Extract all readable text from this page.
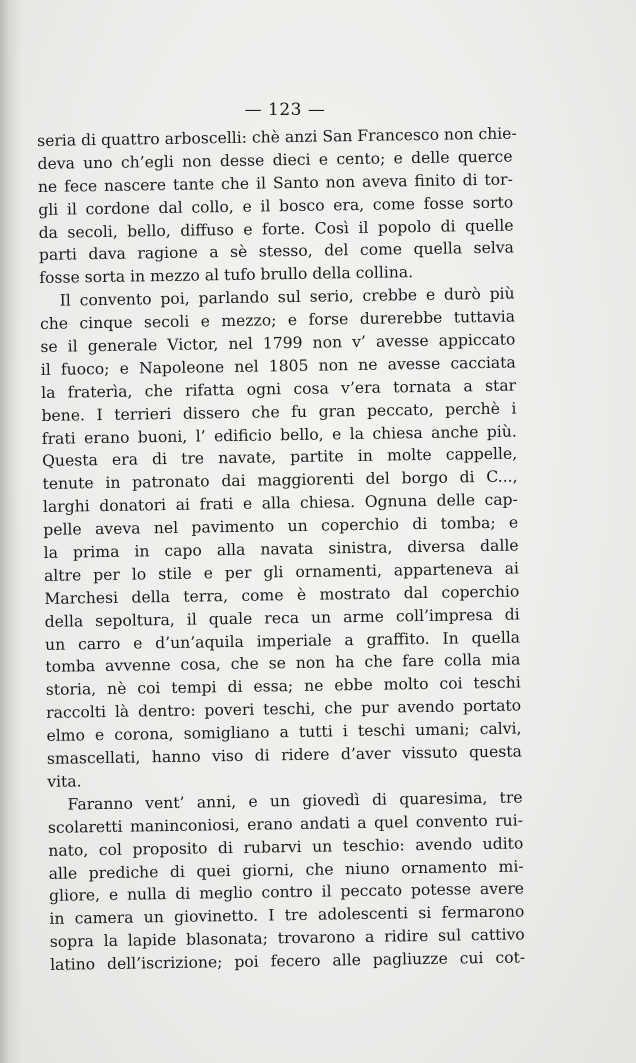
— 123 —
seria di quattro arboscelli: chè anzi San Francesco non chie-
deva uno ch’egli non desse dieci e cento; e delle querce
ne fece nascere tante che il Santo non aveva finito di tor-
gli il cordone dal collo, e il bosco era, come fosse sorto
da secoli, bello, diffuso e forte. Così il popolo di quelle
parti dava ragione a sè stesso, del come quella selva
fosse sorta in mezzo al tufo brullo della collina.
Il convento poi, parlando sul serio, crebbe e durò più
che cinque secoli e mezzo; e forse durerebbe tuttavia
se il generale Victor, nel 1799 non v’ avesse appiccato
il fuoco; e Napoleone nel 1805 non ne avesse cacciata
la fraterìa, che rifatta ogni cosa v’era tornata a star
bene. I terrieri dissero che fu gran peccato, perchè i
frati erano buoni, l’ edificio bello, e la chiesa anche più.
Questa era di tre navate, partite in molte cappelle,
tenute in patronato dai maggiorenti del borgo di C...,
larghi donatori ai frati e alla chiesa. Ognuna delle cap-
pelle aveva nel pavimento un coperchio di tomba; e
la prima in capo alla navata sinistra, diversa dalle
altre per lo stile e per gli ornamenti, apparteneva ai
Marchesi della terra, come è mostrato dal coperchio
della sepoltura, il quale reca un arme coll’impresa di
un carro e d’un’aquila imperiale a graffito. In quella
tomba avvenne cosa, che se non ha che fare colla mia
storia, nè coi tempi di essa; ne ebbe molto coi teschi
raccolti là dentro: poveri teschi, che pur avendo portato
elmo e corona, somigliano a tutti i teschi umani; calvi,
smascellati, hanno viso di ridere d’aver vissuto questa
vita.
Faranno vent’ anni, e un giovedì di quaresima, tre
scolaretti maninconiosi, erano andati a quel convento rui-
nato, col proposito di rubarvi un teschio: avendo udito
alle prediche di quei giorni, che niuno ornamento mi-
gliore, e nulla di meglio contro il peccato potesse avere
in camera un giovinetto. I tre adolescenti si fermarono
sopra la lapide blasonata; trovarono a ridire sul cattivo
latino dell’iscrizione; poi fecero alle pagliuzze cui cot-
